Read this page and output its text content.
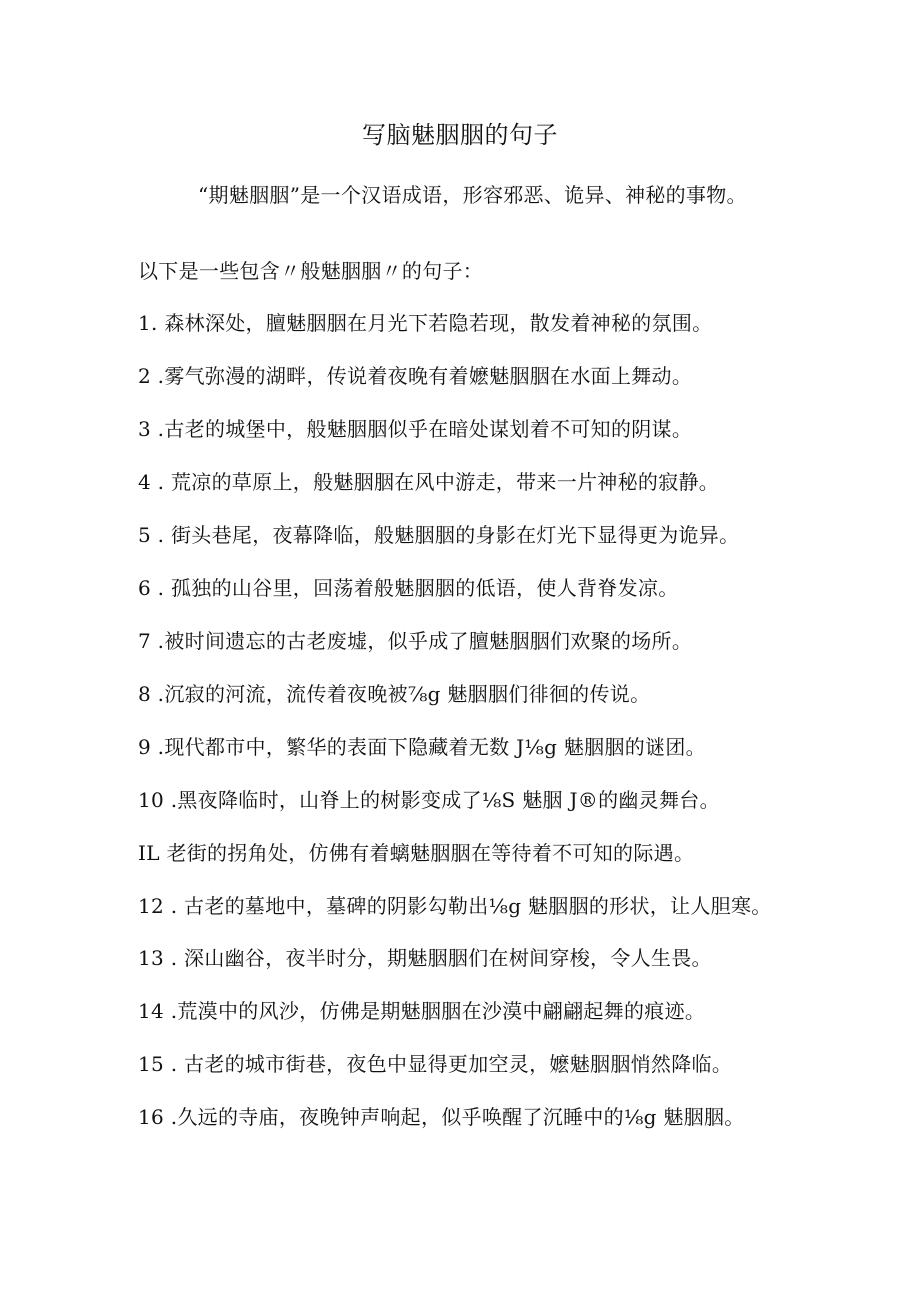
写脑魅胭胭的句子
“期魅胭胭”是一个汉语成语，形容邪恶、诡异、神秘的事物。
以下是一些包含〃般魅胭胭〃的句子：
1. 森林深处，膻魅胭胭在月光下若隐若现，散发着神秘的氛围。
2 .雾气弥漫的湖畔，传说着夜晚有着嬷魅胭胭在水面上舞动。
3 .古老的城堡中，般魅胭胭似乎在暗处谋划着不可知的阴谋。
4 . 荒凉的草原上，般魅胭胭在风中游走，带来一片神秘的寂静。
5 . 街头巷尾，夜幕降临，般魅胭胭的身影在灯光下显得更为诡异。
6 . 孤独的山谷里，回荡着般魅胭胭的低语，使人背脊发凉。
7 .被时间遗忘的古老废墟，似乎成了膻魅胭胭们欢聚的场所。
8 .沉寂的河流，流传着夜晚被⅞g 魅胭胭们徘徊的传说。
9 .现代都市中，繁华的表面下隐藏着无数 J⅛g 魅胭胭的谜团。
10 .黑夜降临时，山脊上的树影变成了⅛S 魅胭 J®的幽灵舞台。
IL 老街的拐角处，仿佛有着螭魅胭胭在等待着不可知的际遇。
12 . 古老的墓地中，墓碑的阴影勾勒出⅛g 魅胭胭的形状，让人胆寒。
13 . 深山幽谷，夜半时分，期魅胭胭们在树间穿梭，令人生畏。
14 .荒漠中的风沙，仿佛是期魅胭胭在沙漠中翩翩起舞的痕迹。
15 . 古老的城市街巷，夜色中显得更加空灵，嬷魅胭胭悄然降临。
16 .久远的寺庙，夜晚钟声响起，似乎唤醒了沉睡中的⅛g 魅胭胭。
